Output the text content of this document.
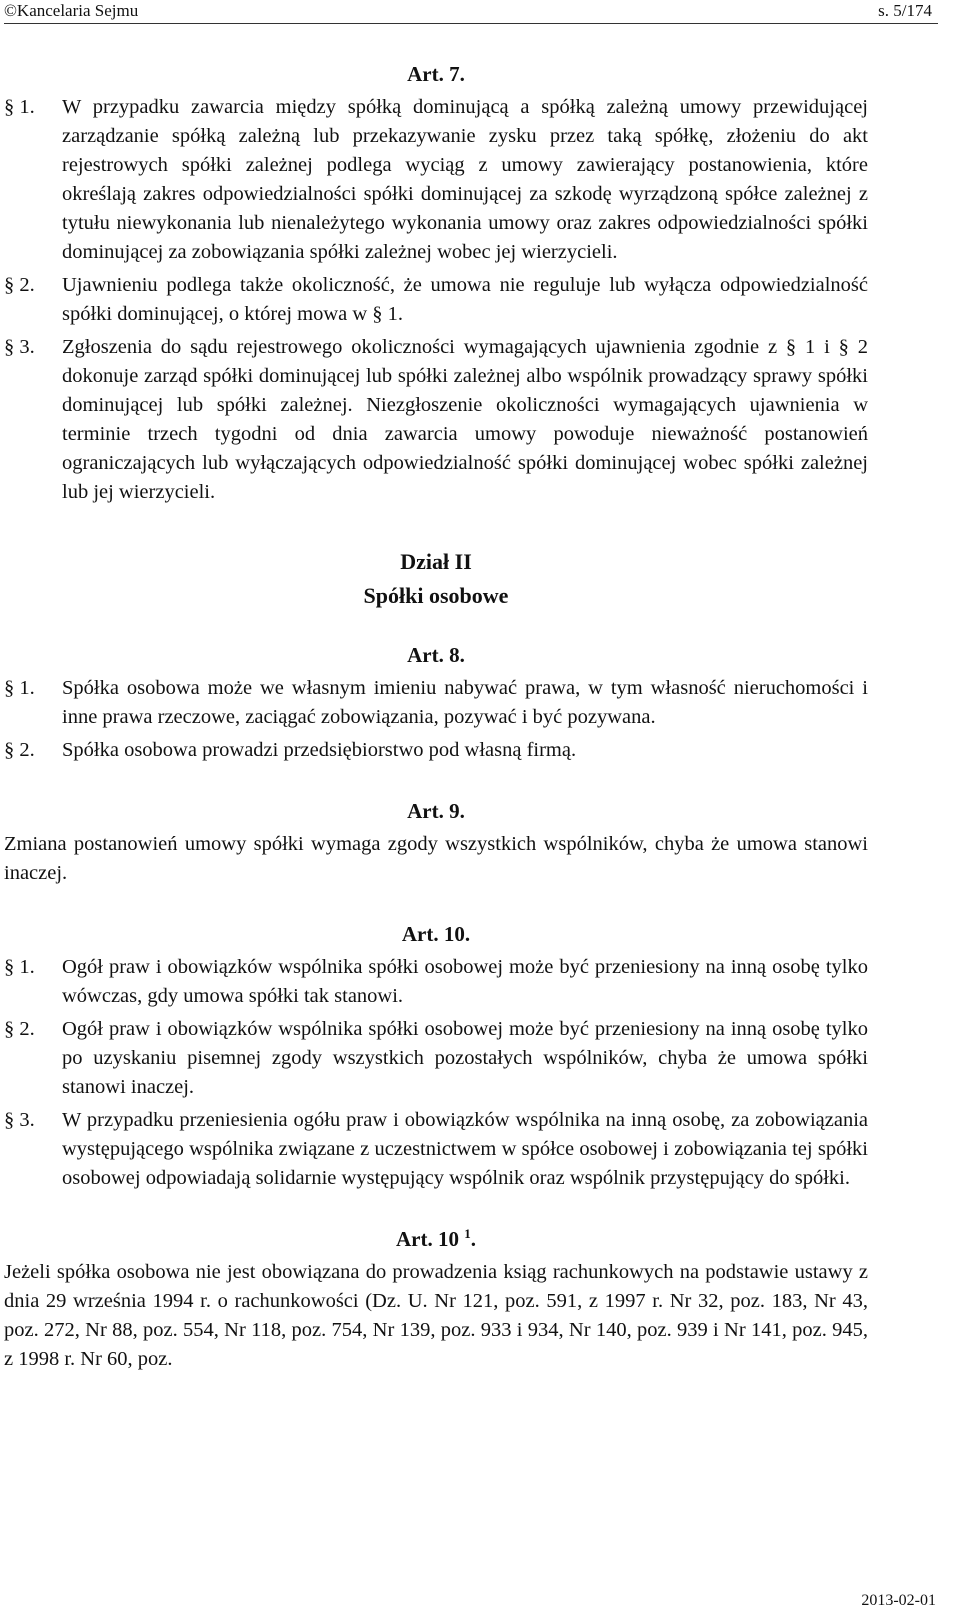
©Kancelaria Sejmu	s. 5/174
Art. 7.

§ 1. W przypadku zawarcia między spółką dominującą a spółką zależną umowy przewidującej zarządzanie spółką zależną lub przekazywanie zysku przez taką spółkę, złożeniu do akt rejestrowych spółki zależnej podlega wyciąg z umowy zawierający postanowienia, które określają zakres odpowiedzialności spółki dominującej za szkodę wyrządzoną spółce zależnej z tytułu niewykonania lub nienależytego wykonania umowy oraz zakres odpowiedzialności spółki dominującej za zobowiązania spółki zależnej wobec jej wierzycieli.

§ 2. Ujawnieniu podlega także okoliczność, że umowa nie reguluje lub wyłącza odpowiedzialność spółki dominującej, o której mowa w § 1.

§ 3. Zgłoszenia do sądu rejestrowego okoliczności wymagających ujawnienia zgodnie z § 1 i § 2 dokonuje zarząd spółki dominującej lub spółki zależnej albo wspólnik prowadzący sprawy spółki dominującej lub spółki zależnej. Niezgłoszenie okoliczności wymagających ujawnienia w terminie trzech tygodni od dnia zawarcia umowy powoduje nieważność postanowień ograniczających lub wyłączających odpowiedzialność spółki dominującej wobec spółki zależnej lub jej wierzycieli.

Dział II
Spółki osobowe
Art. 8.

§ 1. Spółka osobowa może we własnym imieniu nabywać prawa, w tym własność nieruchomości i inne prawa rzeczowe, zaciągać zobowiązania, pozywać i być pozywana.

§ 2. Spółka osobowa prowadzi przedsiębiorstwo pod własną firmą.

Art. 9.

Zmiana postanowień umowy spółki wymaga zgody wszystkich wspólników, chyba że umowa stanowi inaczej.

Art. 10.

§ 1. Ogół praw i obowiązków wspólnika spółki osobowej może być przeniesiony na inną osobę tylko wówczas, gdy umowa spółki tak stanowi.

§ 2. Ogół praw i obowiązków wspólnika spółki osobowej może być przeniesiony na inną osobę tylko po uzyskaniu pisemnej zgody wszystkich pozostałych wspólników, chyba że umowa spółki stanowi inaczej.

§ 3. W przypadku przeniesienia ogółu praw i obowiązków wspólnika na inną osobę, za zobowiązania występującego wspólnika związane z uczestnictwem w spółce osobowej i zobowiązania tej spółki osobowej odpowiadają solidarnie występujący wspólnik oraz wspólnik przystępujący do spółki.

Art. 10 $^1$.

Jeżeli spółka osobowa nie jest obowiązana do prowadzenia ksiąg rachunkowych na podstawie ustawy z dnia 29 września 1994 r. o rachunkowości (Dz. U. Nr 121, poz. 591, z 1997 r. Nr 32, poz. 183, Nr 43, poz. 272, Nr 88, poz. 554, Nr 118, poz. 754, Nr 139, poz. 933 i 934, Nr 140, poz. 939 i Nr 141, poz. 945, z 1998 r. Nr 60, poz.

2013-02-01
